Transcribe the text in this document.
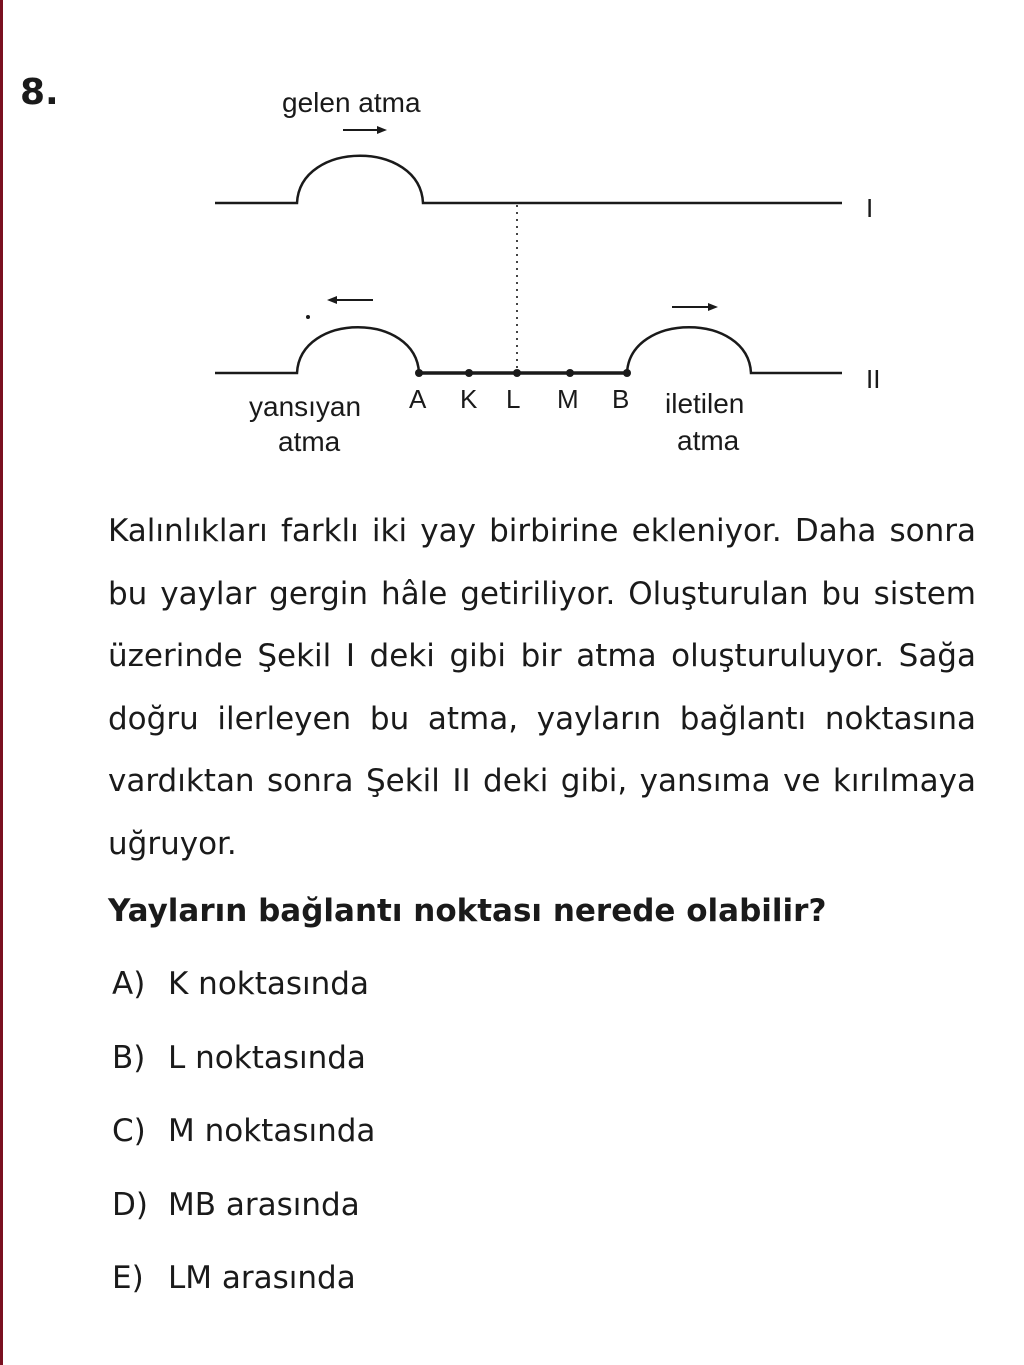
8.	gelen atma
I
II
A K L M B
yansıyan
atma
iletilen
atma

Kalınlıkları farklı iki yay birbirine ekleniyor. Daha sonra bu yaylar gergin hâle getiriliyor. Oluşturulan bu sistem üzerinde Şekil I deki gibi bir atma oluşturuluyor. Sağa doğru ilerleyen bu atma, yayların bağlantı noktasına vardıktan sonra Şekil II deki gibi, yansıma ve kırılmaya uğruyor.

Yayların bağlantı noktası nerede olabilir?

A) K noktasında
B) L noktasında
C) M noktasında
D) MB arasında
E) LM arasında
